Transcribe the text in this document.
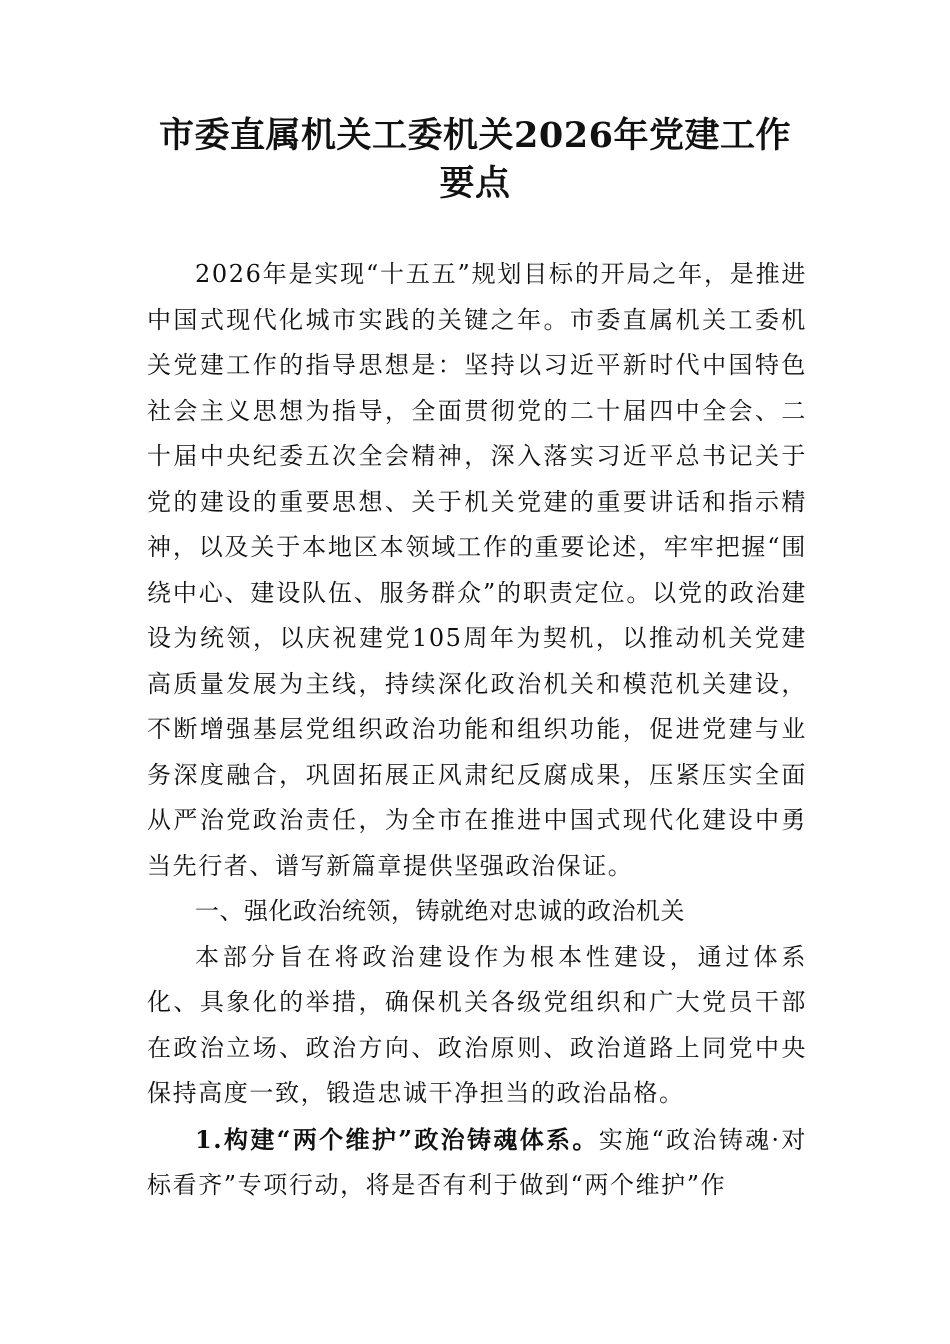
市委直属机关工委机关2026年党建工作要点

2026年是实现“十五五”规划目标的开局之年，是推进中国式现代化城市实践的关键之年。市委直属机关工委机关党建工作的指导思想是：坚持以习近平新时代中国特色社会主义思想为指导，全面贯彻党的二十届四中全会、二十届中央纪委五次全会精神，深入落实习近平总书记关于党的建设的重要思想、关于机关党建的重要讲话和指示精神，以及关于本地区本领域工作的重要论述，牢牢把握“围绕中心、建设队伍、服务群众”的职责定位。以党的政治建设为统领，以庆祝建党105周年为契机，以推动机关党建高质量发展为主线，持续深化政治机关和模范机关建设，不断增强基层党组织政治功能和组织功能，促进党建与业务深度融合，巩固拓展正风肃纪反腐成果，压紧压实全面从严治党政治责任，为全市在推进中国式现代化建设中勇当先行者、谱写新篇章提供坚强政治保证。

一、强化政治统领，铸就绝对忠诚的政治机关

本部分旨在将政治建设作为根本性建设，通过体系化、具象化的举措，确保机关各级党组织和广大党员干部在政治立场、政治方向、政治原则、政治道路上同党中央保持高度一致，锻造忠诚干净担当的政治品格。

1.构建“两个维护”政治铸魂体系。实施“政治铸魂·对标看齐”专项行动，将是否有利于做到“两个维护”作
